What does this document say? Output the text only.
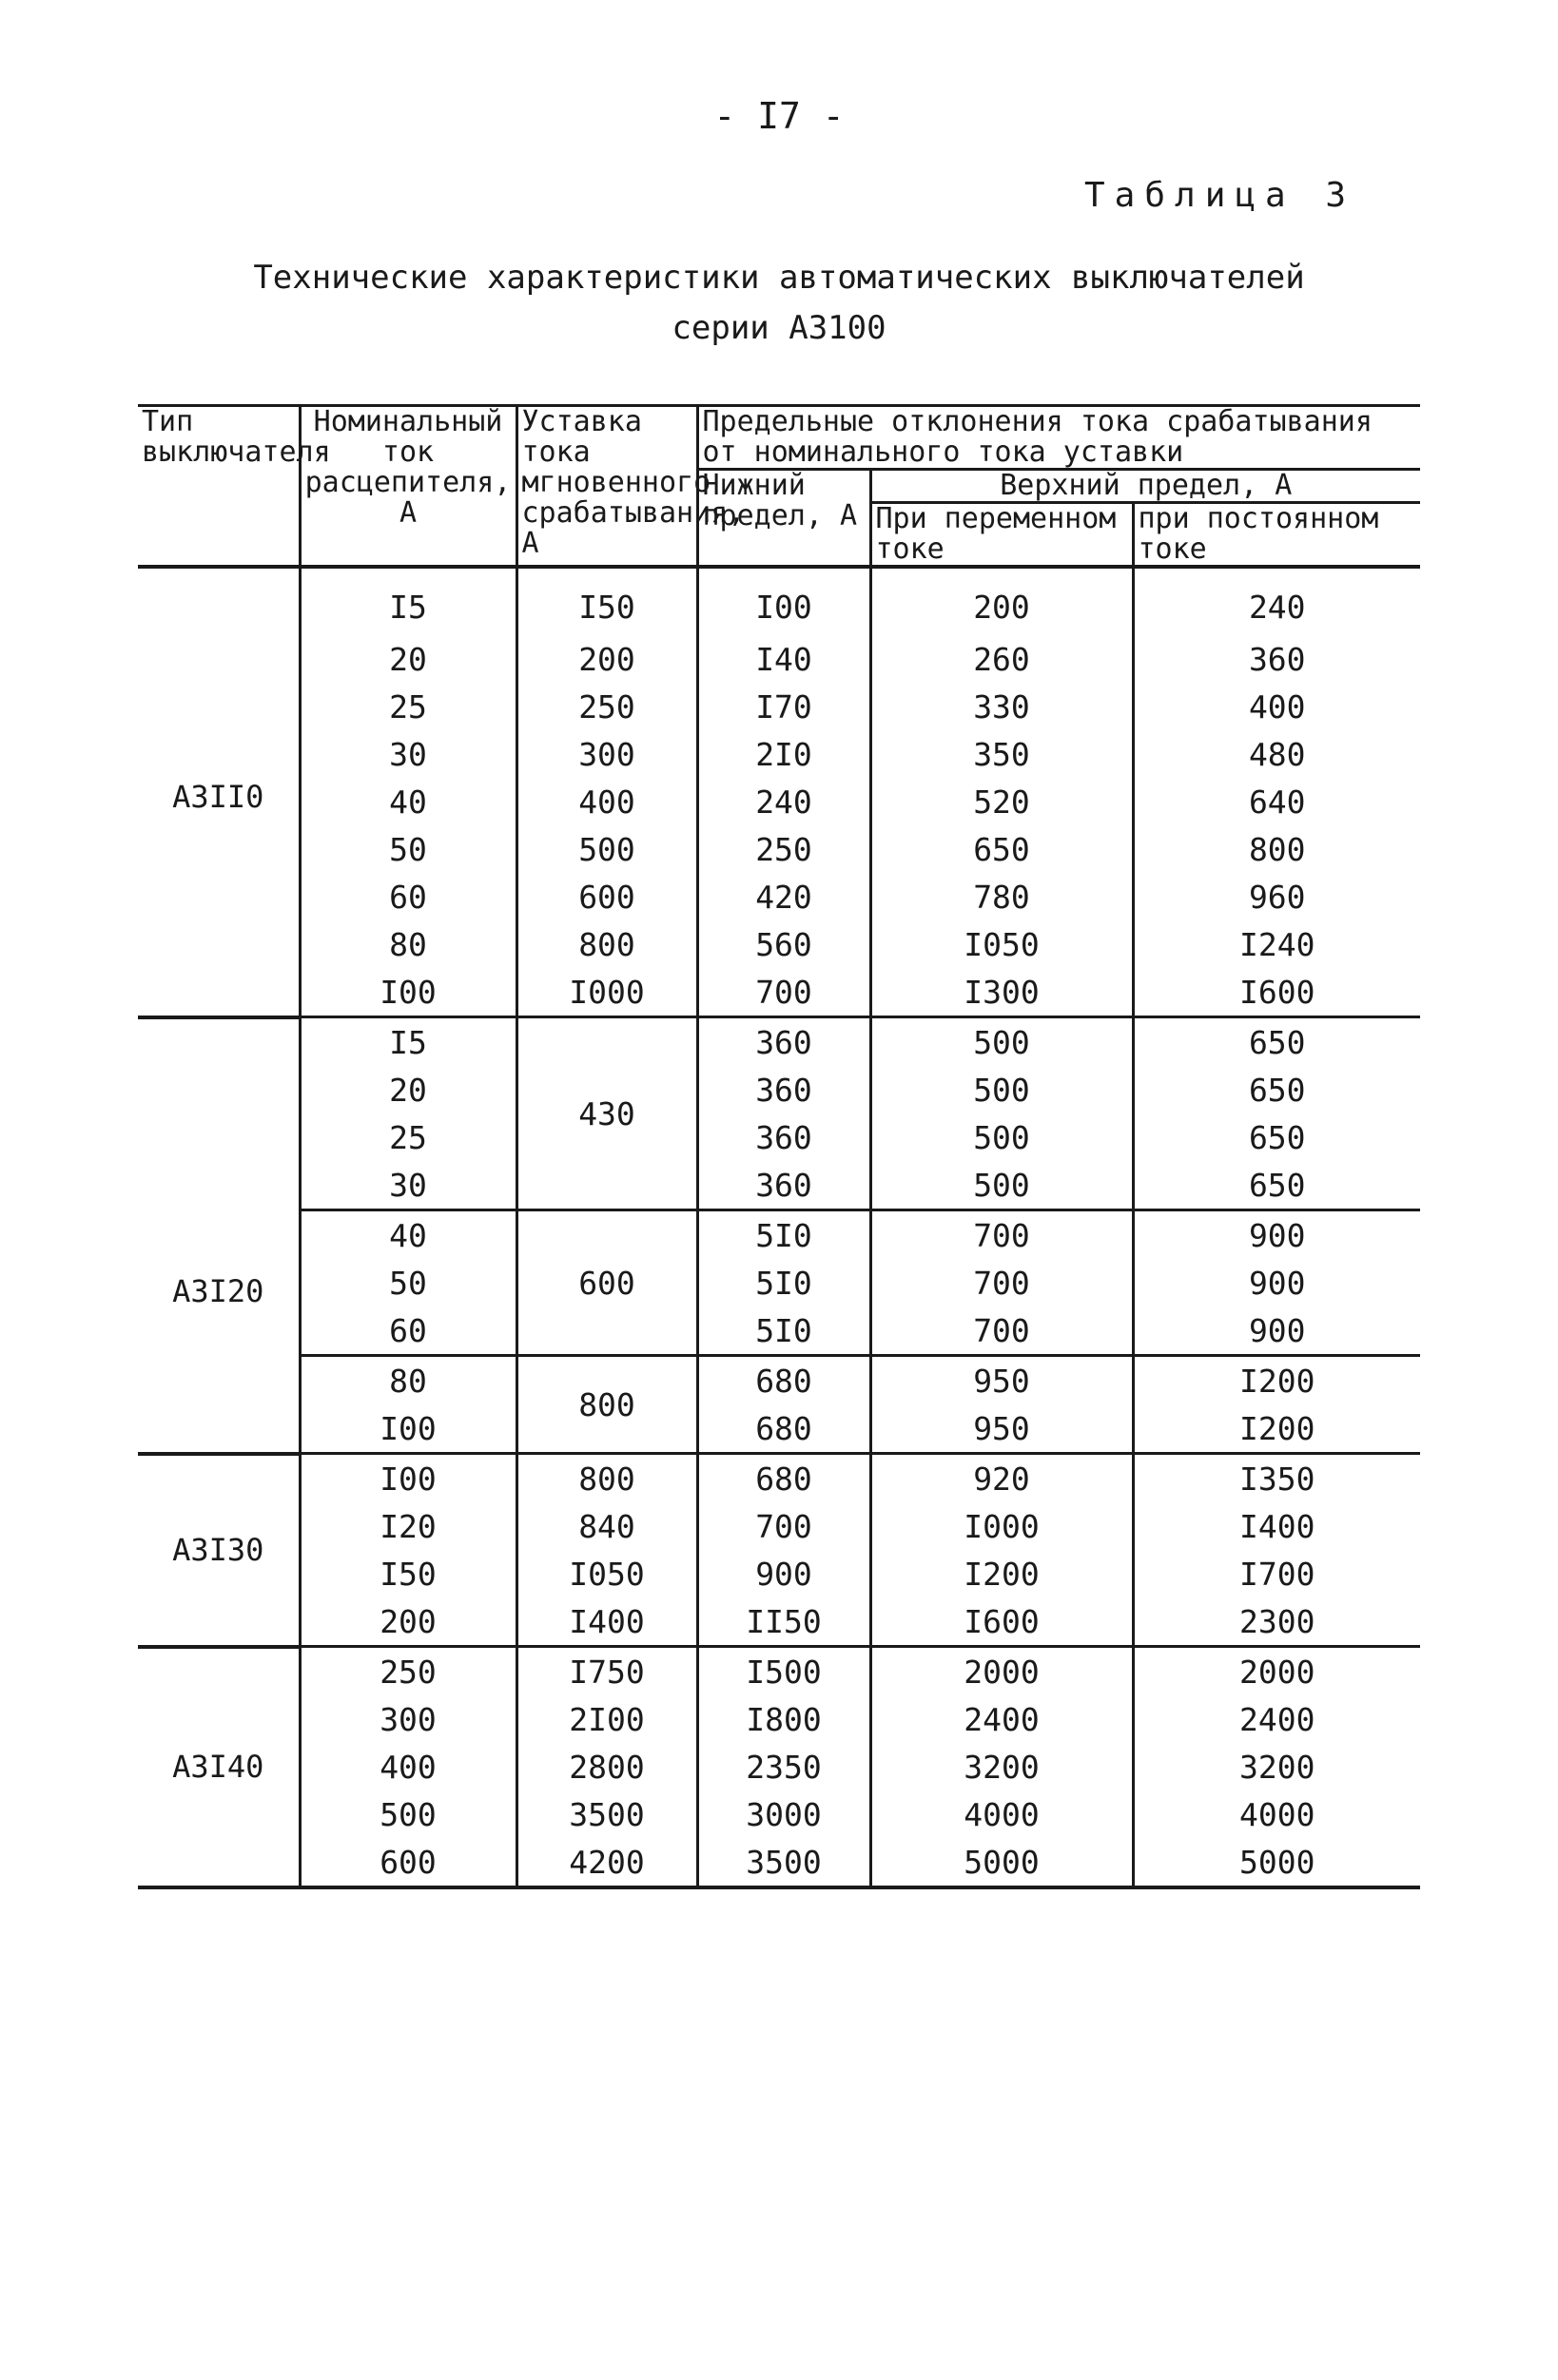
- I7 -
Таблица 3
Технические характеристики автоматических выключателей
серии А3100
Тип выключателя	Номинальный ток расцепителя, А	Уставка тока мгновенного срабатывания, А	Предельные отклонения тока срабатывания от номинального тока уставки		
			Нижний предел, А	Верхний предел, А	
				При переменном токе	при постоянном токе
А3II0	I5	I50	I00	200	240
	20	200	I40	260	360
	25	250	I70	330	400
	30	300	2I0	350	480
	40	400	240	520	640
	50	500	250	650	800
	60	600	420	780	960
	80	800	560	I050	I240
	I00	I000	700	I300	I600
А3I20	I5	430	360	500	650
	20		360	500	650
	25		360	500	650
	30		360	500	650
	40	600	5I0	700	900
	50		5I0	700	900
	60		5I0	700	900
	80	800	680	950	I200
	I00		680	950	I200
А3I30	I00	800	680	920	I350
	I20	840	700	I000	I400
	I50	I050	900	I200	I700
	200	I400	II50	I600	2300
А3I40	250	I750	I500	2000	2000
	300	2I00	I800	2400	2400
	400	2800	2350	3200	3200
	500	3500	3000	4000	4000
	600	4200	3500	5000	5000
